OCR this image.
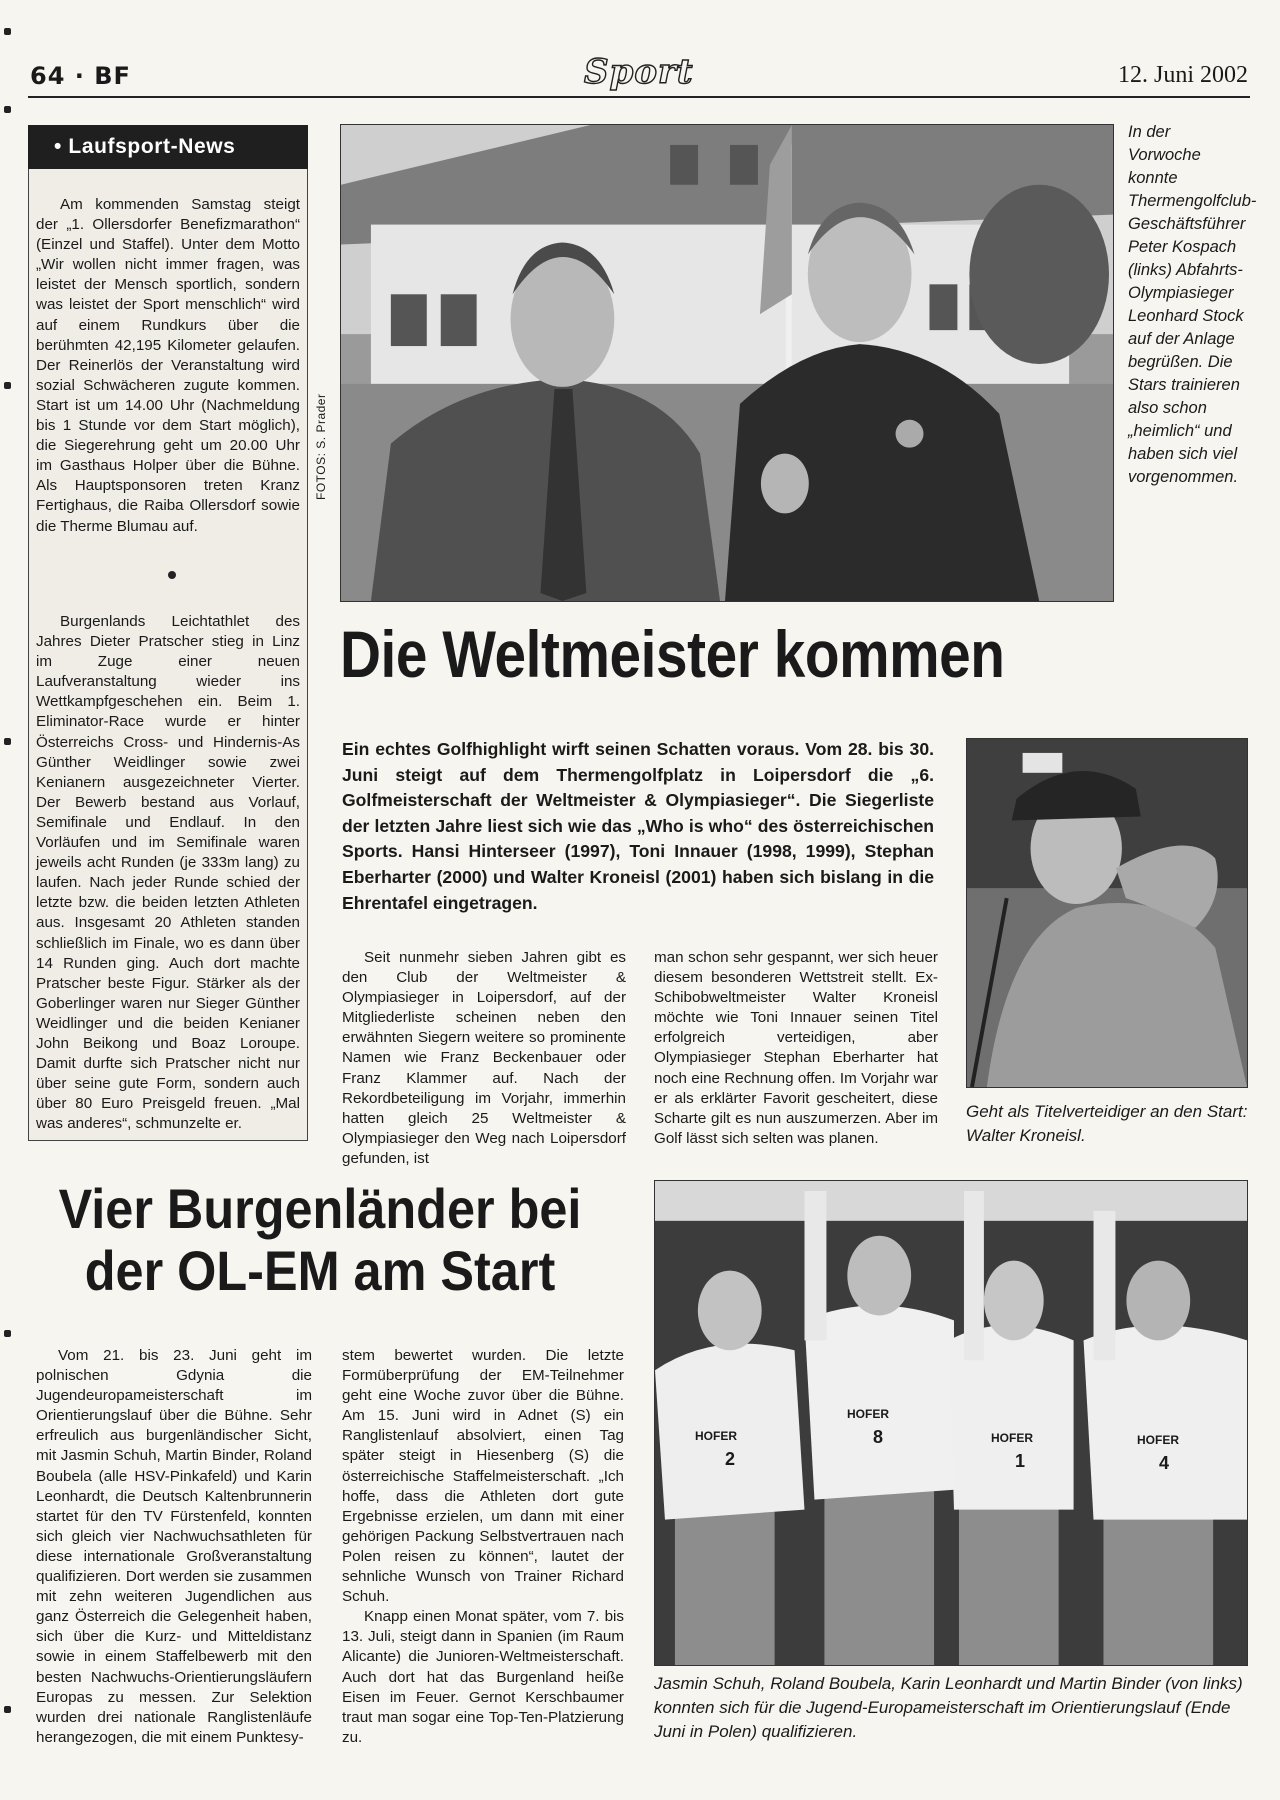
64 · BF	Sport	12. Juni 2002
• Laufsport-News

Am kommenden Samstag steigt der „1. Ollersdorfer Benefizmarathon“ (Einzel und Staffel). Unter dem Motto „Wir wollen nicht immer fragen, was leistet der Mensch sportlich, sondern was leistet der Sport menschlich“ wird auf einem Rundkurs über die berühmten 42,195 Kilometer gelaufen. Der Reinerlös der Veranstaltung wird sozial Schwächeren zugute kommen. Start ist um 14.00 Uhr (Nachmeldung bis 1 Stunde vor dem Start möglich), die Siegerehrung geht um 20.00 Uhr im Gasthaus Holper über die Bühne. Als Hauptsponsoren treten Kranz Fertighaus, die Raiba Ollersdorf sowie die Therme Blumau auf.

Burgenlands Leichtathlet des Jahres Dieter Pratscher stieg in Linz im Zuge einer neuen Laufveranstaltung wieder ins Wettkampfgeschehen ein. Beim 1. Eliminator-Race wurde er hinter Österreichs Cross- und Hindernis-As Günther Weidlinger sowie zwei Kenianern ausgezeichneter Vierter. Der Bewerb bestand aus Vorlauf, Semifinale und Endlauf. In den Vorläufen und im Semifinale waren jeweils acht Runden (je 333m lang) zu laufen. Nach jeder Runde schied der letzte bzw. die beiden letzten Athleten aus. Insgesamt 20 Athleten standen schließlich im Finale, wo es dann über 14 Runden ging. Auch dort machte Pratscher beste Figur. Stärker als der Goberlinger waren nur Sieger Günther Weidlinger und die beiden Kenianer John Beikong und Boaz Loroupe. Damit durfte sich Pratscher nicht nur über seine gute Form, sondern auch über 80 Euro Preisgeld freuen. „Mal was anderes“, schmunzelte er.

FOTOS: S. Prader
In der Vorwoche konnte Thermengolfclub-Geschäftsführer Peter Kospach (links) Abfahrts-Olympiasieger Leonhard Stock auf der Anlage begrüßen. Die Stars trainieren also schon „heimlich“ und haben sich viel vorgenommen.
Die Weltmeister kommen
Ein echtes Golfhighlight wirft seinen Schatten voraus. Vom 28. bis 30. Juni steigt auf dem Thermengolfplatz in Loipersdorf die „6. Golfmeisterschaft der Weltmeister & Olympiasieger“. Die Siegerliste der letzten Jahre liest sich wie das „Who is who“ des österreichischen Sports. Hansi Hinterseer (1997), Toni Innauer (1998, 1999), Stephan Eberharter (2000) und Walter Kroneisl (2001) haben sich bislang in die Ehrentafel eingetragen.

Seit nunmehr sieben Jahren gibt es den Club der Weltmeister & Olympiasieger in Loipersdorf, auf der Mitgliederliste scheinen neben den erwähnten Siegern weitere so prominente Namen wie Franz Beckenbauer oder Franz Klammer auf. Nach der Rekordbeteiligung im Vorjahr, immerhin hatten gleich 25 Weltmeister & Olympiasieger den Weg nach Loipersdorf gefunden, ist

man schon sehr gespannt, wer sich heuer diesem besonderen Wettstreit stellt. Ex-Schibobweltmeister Walter Kroneisl möchte wie Toni Innauer seinen Titel erfolgreich verteidigen, aber Olympiasieger Stephan Eberharter hat noch eine Rechnung offen. Im Vorjahr war er als erklärter Favorit gescheitert, diese Scharte gilt es nun auszumerzen. Aber im Golf lässt sich selten was planen.

Geht als Titelverteidiger an den Start: Walter Kroneisl.
Vier Burgenländer bei
der OL-EM am Start

Vom 21. bis 23. Juni geht im polnischen Gdynia die Jugendeuropameisterschaft im Orientierungslauf über die Bühne. Sehr erfreulich aus burgenländischer Sicht, mit Jasmin Schuh, Martin Binder, Roland Boubela (alle HSV-Pinkafeld) und Karin Leonhardt, die Deutsch Kaltenbrunnerin startet für den TV Fürstenfeld, konnten sich gleich vier Nachwuchsathleten für diese internationale Großveranstaltung qualifizieren. Dort werden sie zusammen mit zehn weiteren Jugendlichen aus ganz Österreich die Gelegenheit haben, sich über die Kurz- und Mitteldistanz sowie in einem Staffelbewerb mit den besten Nachwuchs-Orientierungsläufern Europas zu messen. Zur Selektion wurden drei nationale Ranglistenläufe herangezogen, die mit einem Punktesy-

stem bewertet wurden. Die letzte Formüberprüfung der EM-Teilnehmer geht eine Woche zuvor über die Bühne. Am 15. Juni wird in Adnet (S) ein Ranglistenlauf absolviert, einen Tag später steigt in Hiesenberg (S) die österreichische Staffelmeisterschaft. „Ich hoffe, dass die Athleten dort gute Ergebnisse erzielen, um dann mit einer gehörigen Packung Selbstvertrauen nach Polen reisen zu können“, lautet der sehnliche Wunsch von Trainer Richard Schuh.

Knapp einen Monat später, vom 7. bis 13. Juli, steigt dann in Spanien (im Raum Alicante) die Junioren-Weltmeisterschaft. Auch dort hat das Burgenland heiße Eisen im Feuer. Gernot Kerschbaumer traut man sogar eine Top-Ten-Platzierung zu.

2
8
1	4
HOFER
HOFER
HOFER	HOFER
Jasmin Schuh, Roland Boubela, Karin Leonhardt und Martin Binder (von links) konnten sich für die Jugend-Europameisterschaft im Orientierungslauf (Ende Juni in Polen) qualifizieren.
